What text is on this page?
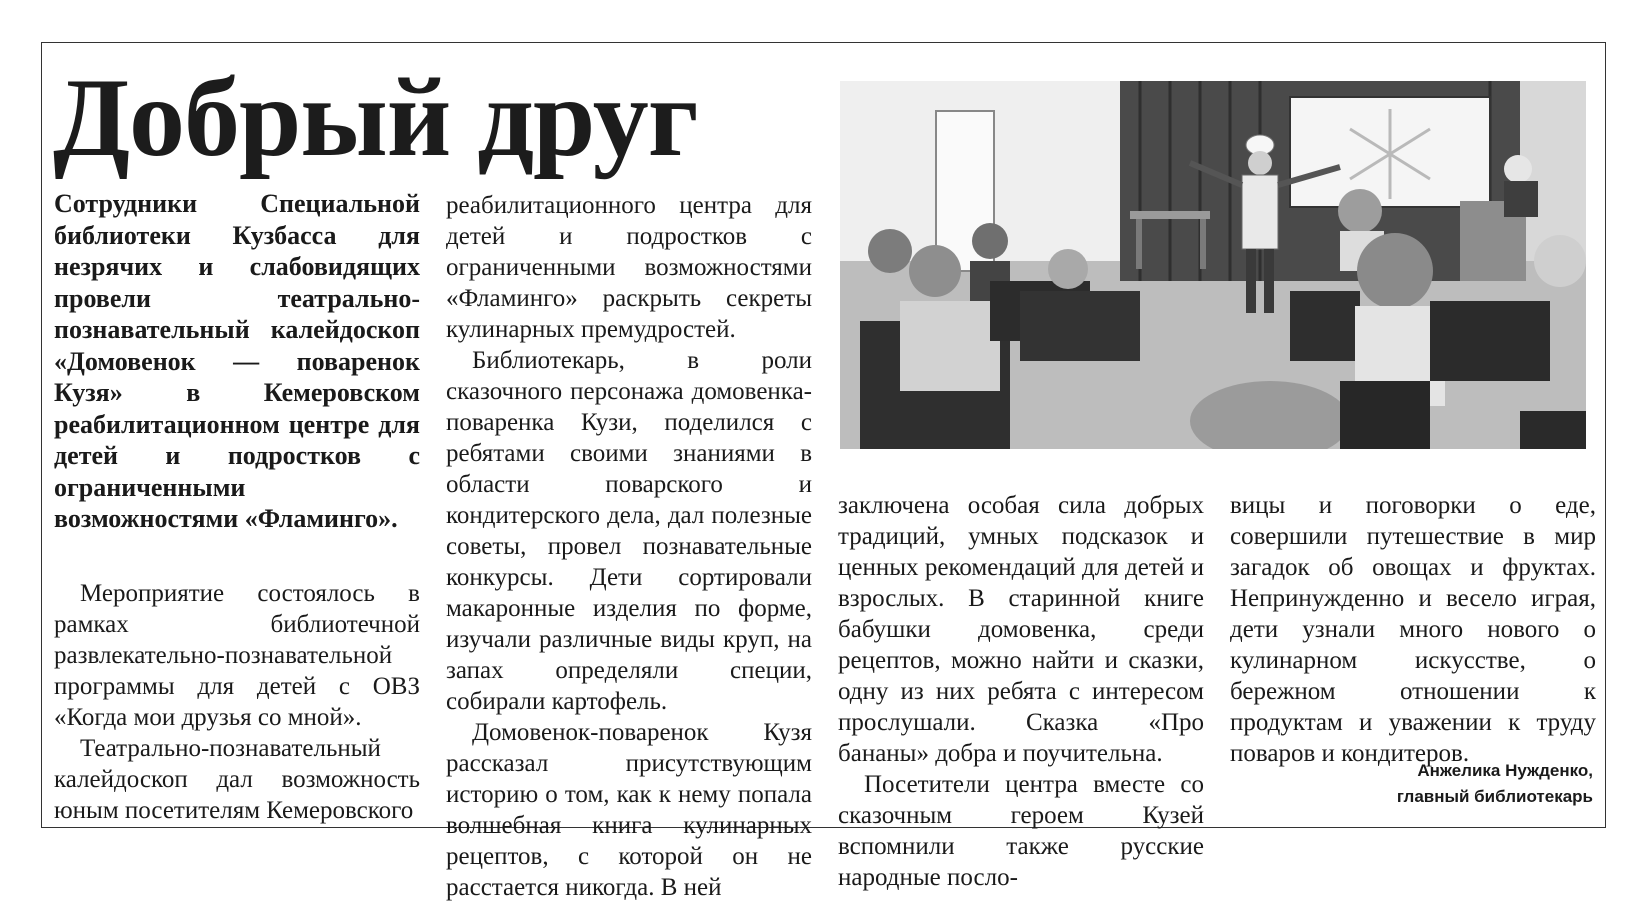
Добрый друг

Сотрудники Специальной библиотеки Кузбасса для незрячих и слабовидящих провели театрально-познавательный калейдоскоп «Домовенок — поваренок Кузя» в Кемеровском реабилитационном центре для детей и подростков с ограниченными возможностями «Фламинго».

Мероприятие состоялось в рамках библиотечной развлекательно-познавательной программы для детей с ОВЗ «Когда мои друзья со мной».

Театрально-познавательный калейдоскоп дал возможность юным посетителям Кемеровского

реабилитационного центра для детей и подростков с ограниченными возможностями «Фламинго» раскрыть секреты кулинарных премудростей.

Библиотекарь, в роли сказочного персонажа домовенка-поваренка Кузи, поделился с ребятами своими знаниями в области поварского и кондитерского дела, дал полезные советы, провел познавательные конкурсы. Дети сортировали макаронные изделия по форме, изучали различные виды круп, на запах определяли специи, собирали картофель.

Домовенок-поваренок Кузя рассказал присутствующим историю о том, как к нему попала волшебная книга кулинарных рецептов, с которой он не расстается никогда. В ней

заключена особая сила добрых традиций, умных подсказок и ценных рекомендаций для детей и взрослых. В старинной книге бабушки домовенка, среди рецептов, можно найти и сказки, одну из них ребята с интересом прослушали. Сказка «Про бананы» добра и поучительна.

Посетители центра вместе со сказочным героем Кузей вспомнили также русские народные посло-

вицы и поговорки о еде, совершили путешествие в мир загадок об овощах и фруктах. Непринужденно и весело играя, дети узнали много нового о кулинарном искусстве, о бережном отношении к продуктам и уважении к труду поваров и кондитеров.

Анжелика Нужденко,
главный библиотекарь
